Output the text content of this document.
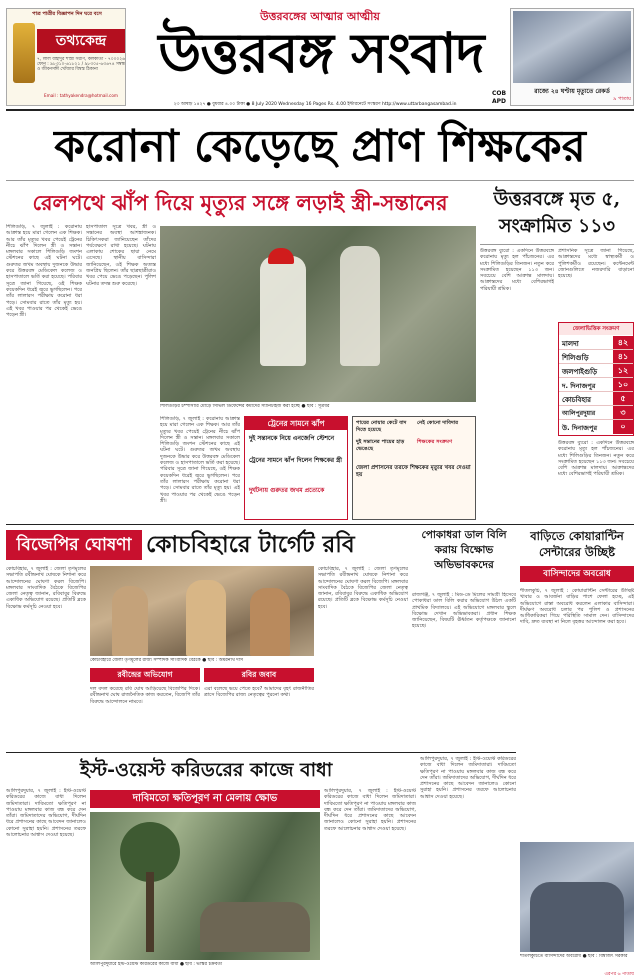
পাত্র পাত্রীর বিজ্ঞাপন দিন ঘরে বসে
তথ্যকেন্দ্র
৭, লাল বাহাদুর শাস্ত্রী সরণি, কলকাতা - ৭০০০২৬ ফোন : ৯৮৩১০-৬১৮২১ / ৯৮৩০৫-৬৩৬৭৪ সম্বন্ধ ও জীবনসঙ্গী খোঁজার বিশ্বস্ত ঠিকানা
Email : tathyakendra@hotmail.com
উত্তরবঙ্গের আত্মার আত্মীয়
উত্তরবঙ্গ সংবাদ
রাজ্যে ২৪ ঘণ্টায় মৃত্যুতে রেকর্ড
৯ পাতায়
COB
APD
২৩ আষাঢ় ১৪২৭ ● বুধবার ৪.০০ টাকা ● 8 July 2020 Wednesday 16 Pages Rs. 4.00 ইন্টারনেটে সংস্করণ http://www.uttarbangasambad.in
করোনা কেড়েছে প্রাণ শিক্ষকের
রেলপথে ঝাঁপ দিয়ে মৃত্যুর সঙ্গে লড়াই স্ত্রী-সন্তানের
শিলিগুড়ি, ৭ জুলাই : করোনায় আক্রান্ত হয়ে মারা গেলেন এক শিক্ষক। আর তাঁর মৃত্যুর খবর পেয়েই ট্রেনের নীচে ঝাঁপ দিলেন স্ত্রী ও সন্তান। মঙ্গলবার সকালে শিলিগুড়ি জংশন স্টেশনের কাছে এই ঘটনা ঘটে। গুরুতর জখম অবস্থায় দুজনকে উদ্ধার করে উত্তরবঙ্গ মেডিকেল কলেজ ও হাসপাতালে ভর্তি করা হয়েছে। পরিবার সূত্রে জানা গিয়েছে, ওই শিক্ষক কয়েকদিন ধরেই জ্বরে ভুগছিলেন। পরে তাঁর লালারস পরীক্ষায় করোনা ধরা পড়ে। সোমবার রাতে তাঁর মৃত্যু হয়। এই খবর পাওয়ার পর থেকেই ভেঙে পড়েন স্ত্রী।
হাসপাতাল সূত্রে খবর, স্ত্রী ও সন্তানের অবস্থা আশঙ্কাজনক। চিকিৎসকরা জানিয়েছেন তাঁদের পর্যবেক্ষণে রাখা হয়েছে। ঘটনায় এলাকায় শোকের ছায়া নেমে এসেছে। স্থানীয় বাসিন্দারা জানিয়েছেন, ওই শিক্ষক অত্যন্ত জনপ্রিয় ছিলেন। তাঁর ছাত্রছাত্রীরাও খবর পেয়ে ভেঙে পড়েছেন। পুলিশ ঘটনার তদন্ত শুরু করেছে।
শিলিগুড়ির চম্পাসারি মোড়ে সিভিল ডিফেন্সের কর্মীদের স্যানিটাইজ করা হচ্ছে ● ছবি : সূত্রধর
শিলিগুড়ি, ৭ জুলাই : করোনায় আক্রান্ত হয়ে মারা গেলেন এক শিক্ষক। আর তাঁর মৃত্যুর খবর পেয়েই ট্রেনের নীচে ঝাঁপ দিলেন স্ত্রী ও সন্তান। মঙ্গলবার সকালে শিলিগুড়ি জংশন স্টেশনের কাছে এই ঘটনা ঘটে। গুরুতর জখম অবস্থায় দুজনকে উদ্ধার করে উত্তরবঙ্গ মেডিকেল কলেজ ও হাসপাতালে ভর্তি করা হয়েছে। পরিবার সূত্রে জানা গিয়েছে, ওই শিক্ষক কয়েকদিন ধরেই জ্বরে ভুগছিলেন। পরে তাঁর লালারস পরীক্ষায় করোনা ধরা পড়ে। সোমবার রাতে তাঁর মৃত্যু হয়। এই খবর পাওয়ার পর থেকেই ভেঙে পড়েন স্ত্রী।
ট্রেনের সামনে ঝাঁপ
দুই সন্তানকে নিয়ে এনজেপি স্টেশনে
ট্রেনের সামনে ঝাঁপ দিলেন শিক্ষকের স্ত্রী
দুর্ঘটনায় গুরুতর জখম প্রত্যেকে
পায়ের নোয়ার কেটে বাদ দিতে হয়েছে
দুই সন্তানের পায়ের হাড় ভেঙেছে
নেই কোনো দাবিদার
শিক্ষকের সংক্রমণ
জেলা প্রশাসনের তরফে শিক্ষকের মৃত্যুর খবর দেওয়া হয়
উত্তরবঙ্গে মৃত ৫, সংক্রামিত ১১৩
উত্তরবঙ্গ ব্যুরো : একদিনে উত্তরবঙ্গে করোনায় মৃত্যু হল পাঁচজনের। এর মধ্যে শিলিগুড়ির তিনজন। নতুন করে সংক্রামিত হয়েছেন ১১৩ জন। সবচেয়ে বেশি আক্রান্ত মালদায়। আক্রান্তদের মধ্যে বেশিরভাগই পরিযায়ী শ্রমিক।
প্রশাসনিক সূত্রে জানা গিয়েছে, আক্রান্তদের মধ্যে স্বাস্থ্যকর্মী ও পুলিশকর্মীও রয়েছেন। কন্টেনমেন্ট জোনগুলিতে নজরদারি বাড়ানো হয়েছে।
জেলাভিত্তিক সংক্রমণ
মালদা	৪২
শিলিগুড়ি	৪১
জলপাইগুড়ি	১২
দ. দিনাজপুর	১০
কোচবিহার	৫
আলিপুরদুয়ার	৩
উ. দিনাজপুর	০
উত্তরবঙ্গ ব্যুরো : একদিনে উত্তরবঙ্গে করোনায় মৃত্যু হল পাঁচজনের। এর মধ্যে শিলিগুড়ির তিনজন। নতুন করে সংক্রামিত হয়েছেন ১১৩ জন। সবচেয়ে বেশি আক্রান্ত মালদায়। আক্রান্তদের মধ্যে বেশিরভাগই পরিযায়ী শ্রমিক।
বিজেপির ঘোষণা কোচবিহারে টার্গেট রবি
কোচবিহার, ৭ জুলাই : জেলা তৃণমূলের সভাপতি রবীন্দ্রনাথ ঘোষকে নিশানা করে আন্দোলনের ঘোষণা করল বিজেপি। মঙ্গলবার সাংবাদিক বৈঠকে বিজেপির জেলা নেতৃত্ব জানান, রবিবাবুর বিরুদ্ধে একাধিক অভিযোগ রয়েছে। প্রতিটি ব্লকে বিক্ষোভ কর্মসূচি নেওয়া হবে।
কোচবিহার, ৭ জুলাই : জেলা তৃণমূলের সভাপতি রবীন্দ্রনাথ ঘোষকে নিশানা করে আন্দোলনের ঘোষণা করল বিজেপি। মঙ্গলবার সাংবাদিক বৈঠকে বিজেপির জেলা নেতৃত্ব জানান, রবিবাবুর বিরুদ্ধে একাধিক অভিযোগ রয়েছে। প্রতিটি ব্লকে বিক্ষোভ কর্মসূচি নেওয়া হবে।
কোচবিহারে জেলা তৃণমূলের রাজ্য সম্পাদক সাংবাদিক বৈঠকে ● ছবি : অমরনাথ দাস
রবীন্দ্রের অভিযোগ	রবির জবাব
দল বদল করেছে রবি ঘোষ আড়িয়েছে বিজেপির দিকে। রবীন্দ্রনাথ ঘোষ রাজনৈতিক কাজ করতেন, বিজেপি তাঁর বিরুদ্ধে আন্দোলনে নামবে।
এরা বলেছে ভয়ে পেতে হবে? আমাদের বৃহৎ রাজনীতির ত্রাসে বিজেপির রাজ্য নেতৃত্বের পুরনো কথা।
পোকাধরা ডাল বিলি করায় বিক্ষোভ অভিভাবকদের
রাজগঞ্জ, ৭ জুলাই : মিড-ডে মিলের সামগ্রী হিসেবে পোকাধরা ডাল বিলি করার অভিযোগ উঠল একটি প্রাথমিক বিদ্যালয়ে। এই অভিযোগে মঙ্গলবার স্কুলে বিক্ষোভ দেখান অভিভাবকরা। প্রধান শিক্ষক জানিয়েছেন, বিষয়টি ঊর্ধ্বতন কর্তৃপক্ষকে জানানো হয়েছে।
বাড়িতে কোয়ারান্টিন সেন্টারের উচ্ছিষ্ট
বাসিন্দাদের অবরোধ
শীতলকুচি, ৭ জুলাই : কোয়ারান্টিন সেন্টারের উচ্ছিষ্ট খাবার ও আবর্জনা বাড়ির পাশে ফেলা হচ্ছে, এই অভিযোগে রাস্তা অবরোধ করলেন এলাকার বাসিন্দারা। দীর্ঘক্ষণ অবরোধ চলার পর পুলিশ ও প্রশাসনের আধিকারিকরা গিয়ে পরিস্থিতি সামাল দেন। বাসিন্দাদের দাবি, দ্রুত ব্যবস্থা না নিলে বৃহত্তর আন্দোলন করা হবে।
ইস্ট-ওয়েস্ট করিডরের কাজে বাধা
আলিপুরদুয়ার, ৭ জুলাই : ইস্ট-ওয়েস্ট করিডরের কাজে বাধা দিলেন জমিদাতারা। দাবিমতো ক্ষতিপূরণ না পাওয়ায় মঙ্গলবার কাজ বন্ধ করে দেন তাঁরা। জমিদাতাদের অভিযোগ, দীর্ঘদিন ধরে প্রশাসনের কাছে আবেদন জানালেও কোনো সুরাহা হয়নি। প্রশাসনের তরফে আলোচনার আশ্বাস দেওয়া হয়েছে।
দাবিমতো ক্ষতিপূরণ না মেলায় ক্ষোভ
আলিপুরদুয়ারে ইস্ট-ওয়েস্ট করিডরের কাজে বাধা ● ছবি : ভাস্কর চক্রবর্তী
আলিপুরদুয়ার, ৭ জুলাই : ইস্ট-ওয়েস্ট করিডরের কাজে বাধা দিলেন জমিদাতারা। দাবিমতো ক্ষতিপূরণ না পাওয়ায় মঙ্গলবার কাজ বন্ধ করে দেন তাঁরা। জমিদাতাদের অভিযোগ, দীর্ঘদিন ধরে প্রশাসনের কাছে আবেদন জানালেও কোনো সুরাহা হয়নি। প্রশাসনের তরফে আলোচনার আশ্বাস দেওয়া হয়েছে।
আলিপুরদুয়ার, ৭ জুলাই : ইস্ট-ওয়েস্ট করিডরের কাজে বাধা দিলেন জমিদাতারা। দাবিমতো ক্ষতিপূরণ না পাওয়ায় মঙ্গলবার কাজ বন্ধ করে দেন তাঁরা। জমিদাতাদের অভিযোগ, দীর্ঘদিন ধরে প্রশাসনের কাছে আবেদন জানালেও কোনো সুরাহা হয়নি। প্রশাসনের তরফে আলোচনার আশ্বাস দেওয়া হয়েছে।
শীতলকুচিতে বাসিন্দাদের অবরোধ ● ছবি : বিশ্বজিৎ সরকার
এরপর ৬ পাতায়
